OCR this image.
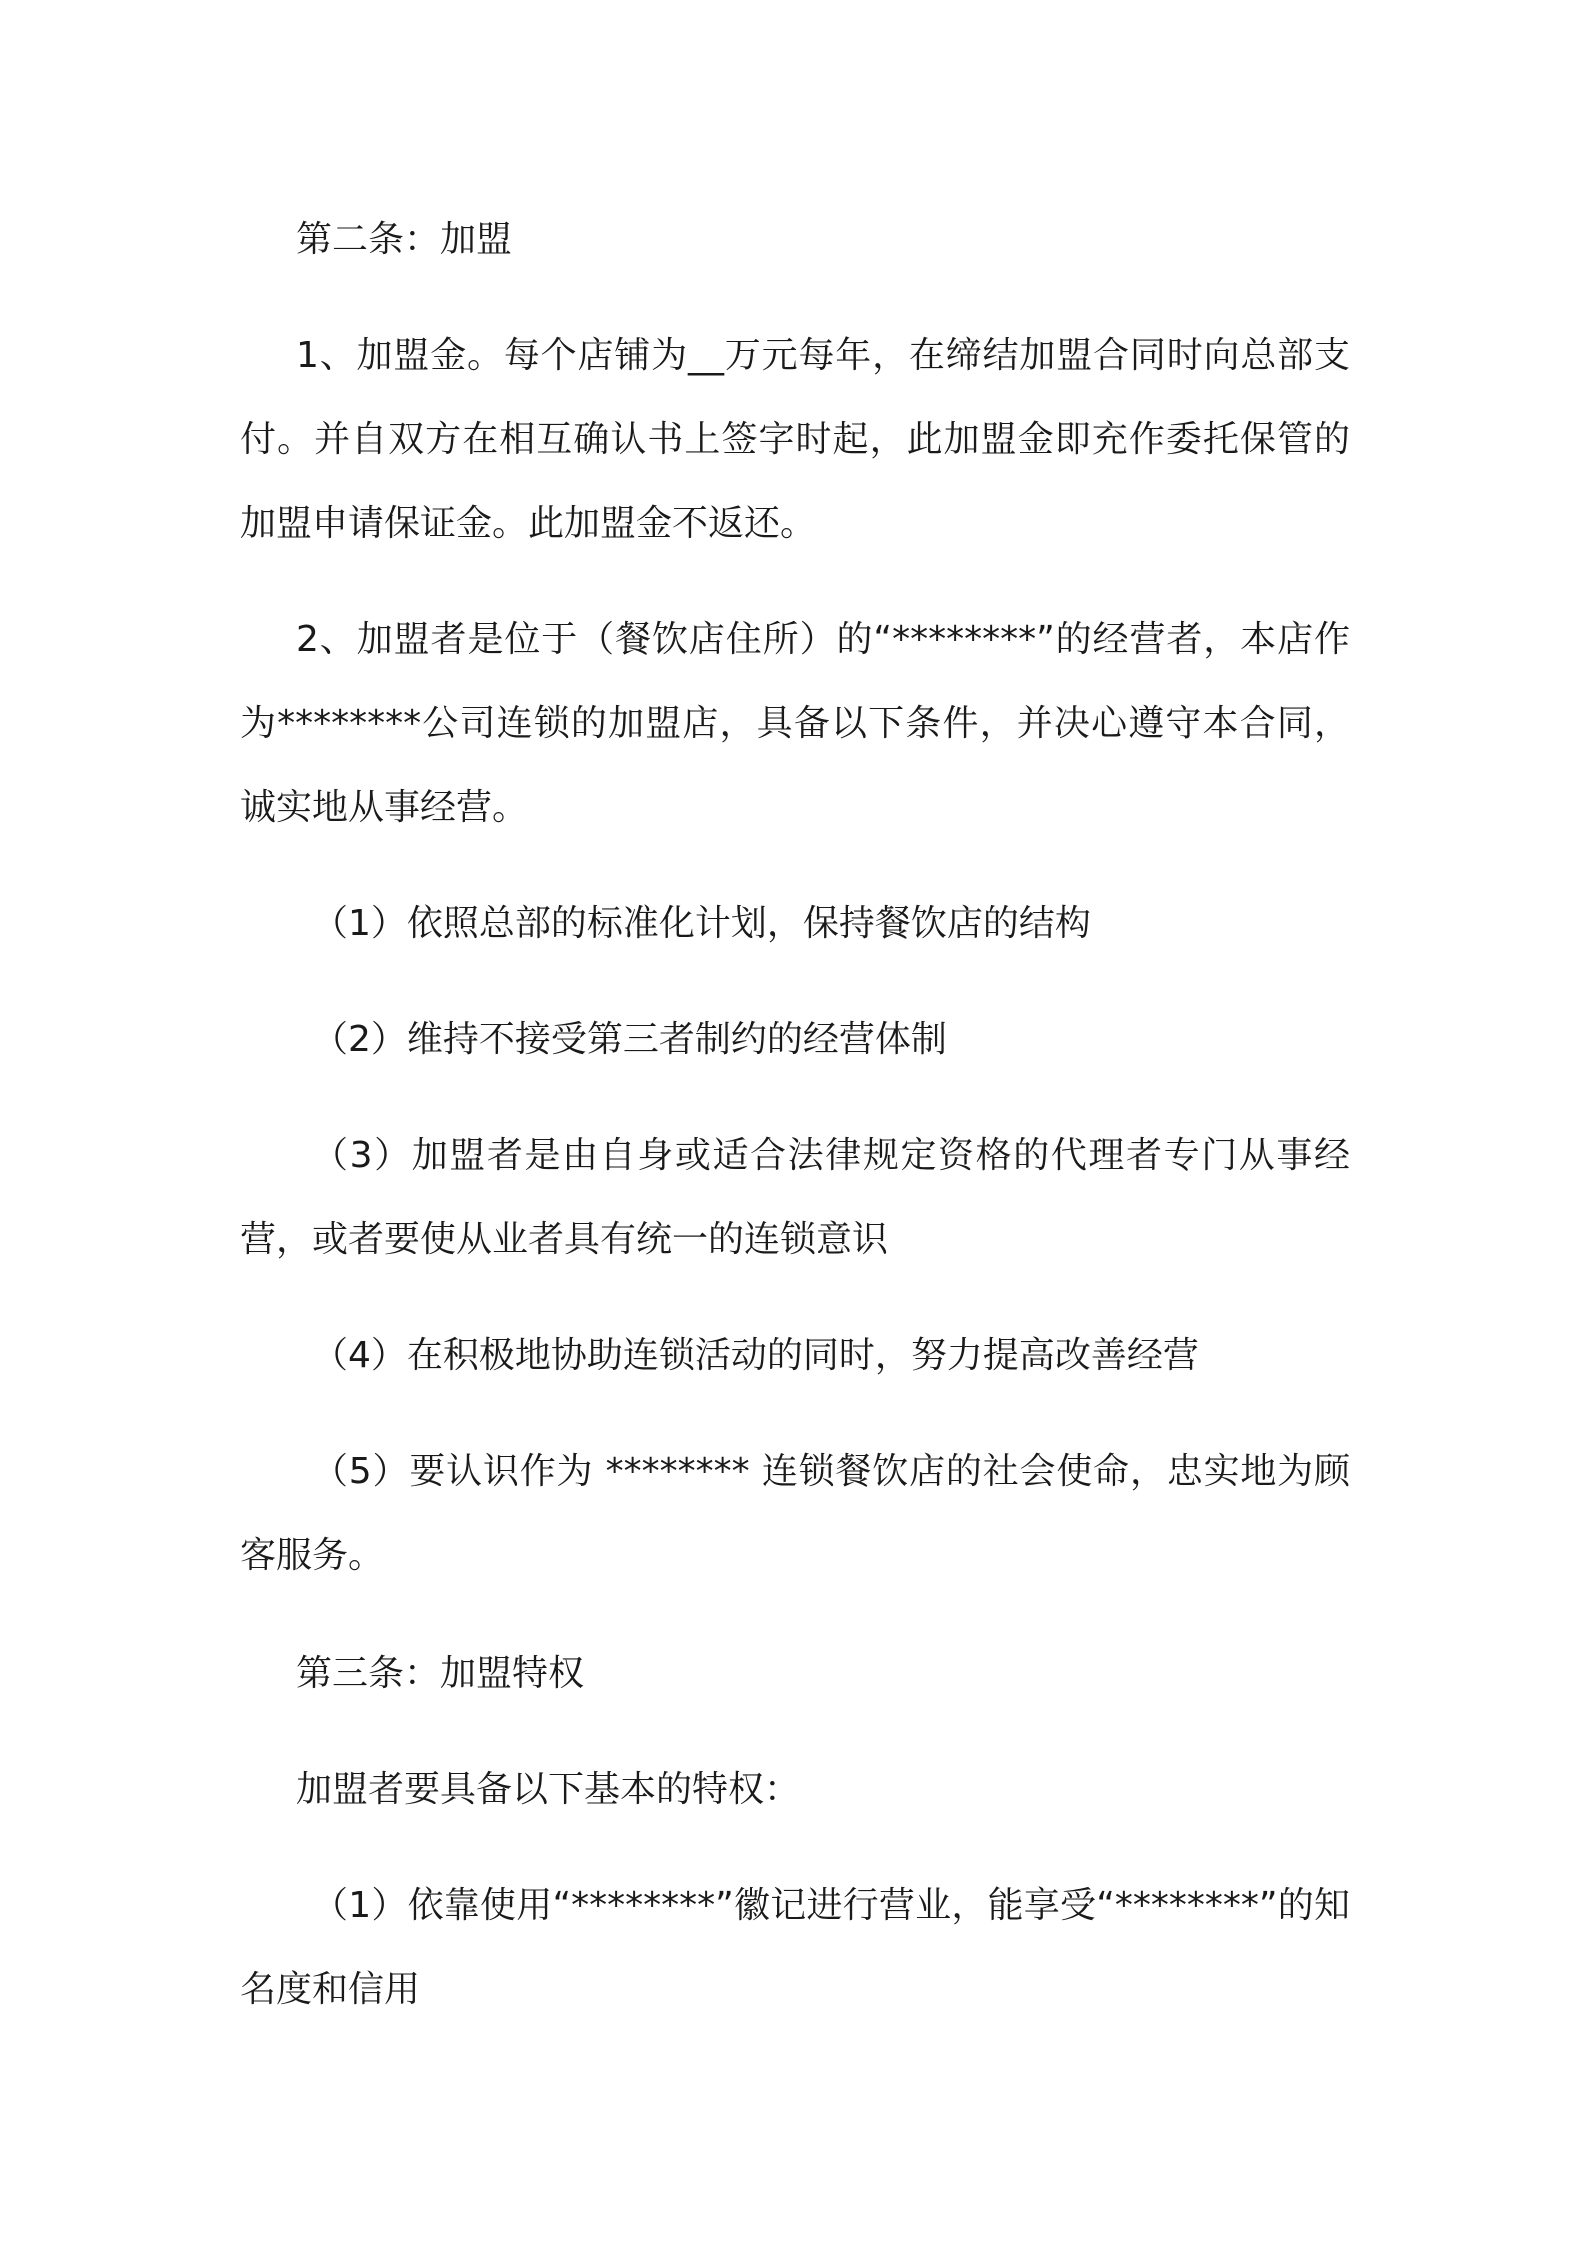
第二条：加盟

1、加盟金。每个店铺为__万元每年，在缔结加盟合同时向总部支付。并自双方在相互确认书上签字时起，此加盟金即充作委托保管的加盟申请保证金。此加盟金不返还。

2、加盟者是位于（餐饮店住所）的“********”的经营者，本店作为********公司连锁的加盟店，具备以下条件，并决心遵守本合同，诚实地从事经营。

（1）依照总部的标准化计划，保持餐饮店的结构

（2）维持不接受第三者制约的经营体制

（3）加盟者是由自身或适合法律规定资格的代理者专门从事经营，或者要使从业者具有统一的连锁意识

（4）在积极地协助连锁活动的同时，努力提高改善经营

（5）要认识作为 ******** 连锁餐饮店的社会使命，忠实地为顾客服务。

第三条：加盟特权

加盟者要具备以下基本的特权：

（1）依靠使用“********”徽记进行营业，能享受“********”的知名度和信用
